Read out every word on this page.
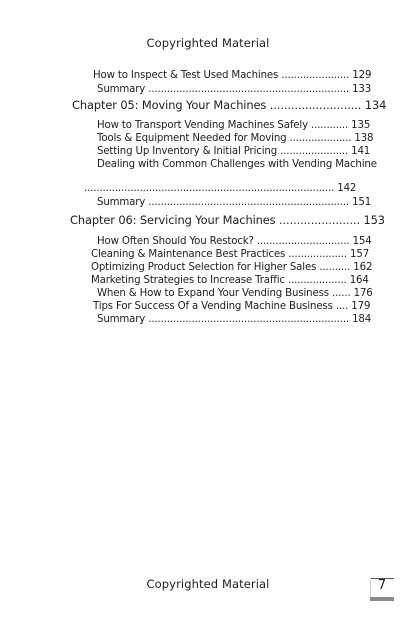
Copyrighted Material
How to Inspect & Test Used Machines ...................... 129
Summary ................................................................. 133
Chapter 05: Moving Your Machines .......................... 134
How to Transport Vending Machines Safely ............ 135
Tools & Equipment Needed for Moving .................... 138
Setting Up Inventory & Initial Pricing ...................... 141
Dealing with Common Challenges with Vending Machine
................................................................................. 142
Summary ................................................................. 151
Chapter 06: Servicing Your Machines ....................... 153
How Often Should You Restock? .............................. 154
Cleaning & Maintenance Best Practices ................... 157
Optimizing Product Selection for Higher Sales .......... 162
Marketing Strategies to Increase Traffic ................... 164
When & How to Expand Your Vending Business ...... 176
Tips For Success Of a Vending Machine Business .... 179
Summary ................................................................. 184
Copyrighted Material	7
